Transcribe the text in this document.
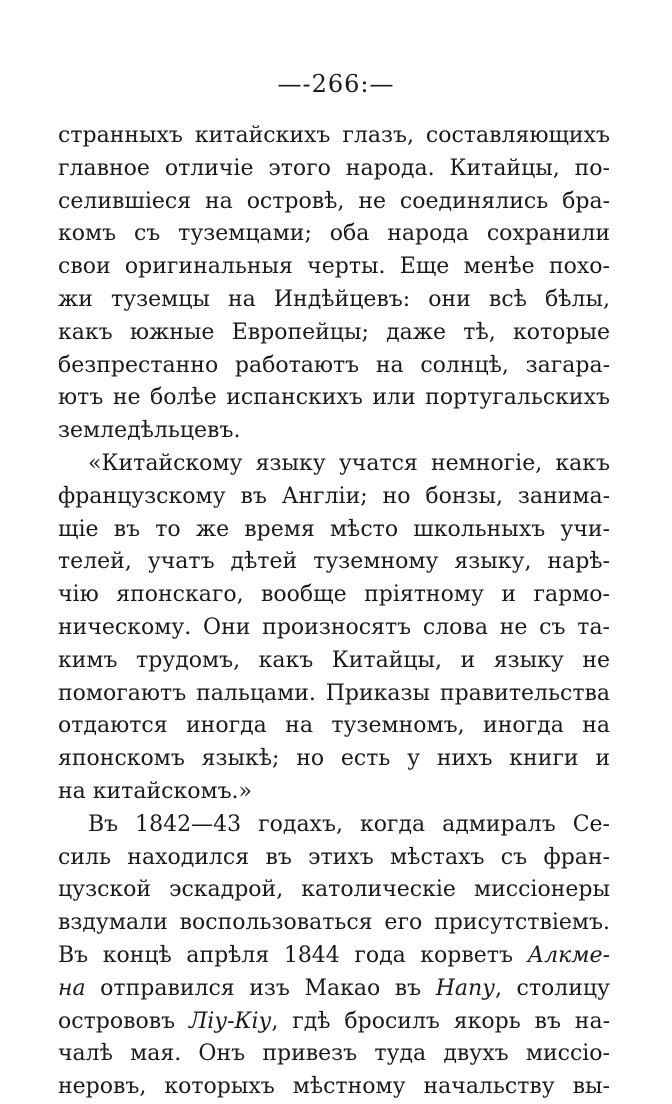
—-266:—
странныхъ китайскихъ глазъ, составляющихъ
главное отличіе этого народа. Китайцы, по-
селившіеся на островѣ, не соединялись бра-
комъ съ туземцами; оба народа сохранили
свои оригинальныя черты. Еще менѣе похо-
жи туземцы на Индѣйцевъ: они всѣ бѣлы,
какъ южные Европейцы; даже тѣ, которые
безпрестанно работаютъ на солнцѣ, загара-
ютъ не болѣе испанскихъ или португальскихъ
земледѣльцевъ.
«Китайскому языку учатся немногіе, какъ
французскому въ Англіи; но бонзы, занима-
щіе въ то же время мѣсто школьныхъ учи-
телей, учатъ дѣтей туземному языку, нарѣ-
чію японскаго, вообще пріятному и гармо-
ническому. Они произносятъ слова не съ та-
кимъ трудомъ, какъ Китайцы, и языку не
помогаютъ пальцами. Приказы правительства
отдаются иногда на туземномъ, иногда на
японскомъ языкѣ; но есть у нихъ книги и
на китайскомъ.»
Въ 1842—43 годахъ, когда адмиралъ Се-
силь находился въ этихъ мѣстахъ съ фран-
цузской эскадрой, католическіе миссіонеры
вздумали воспользоваться его присутствіемъ.
Въ концѣ апрѣля 1844 года корветъ Алкме-
на отправился изъ Макао въ Напу, столицу
острововъ Ліу-Кіу, гдѣ бросилъ якорь въ на-
чалѣ мая. Онъ привезъ туда двухъ миссіо-
неровъ, которыхъ мѣстному начальству вы-
